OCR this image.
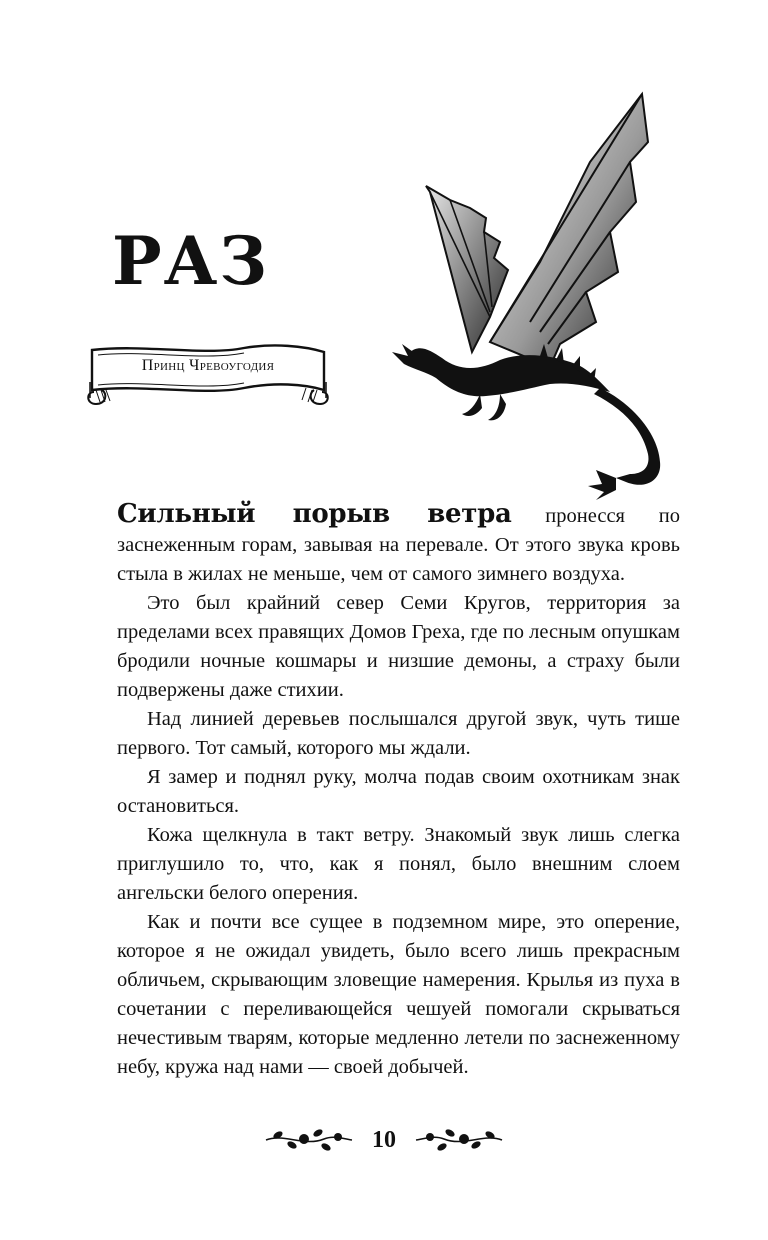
РАЗ
Принц Чревоугодия

Сильный порыв ветра пронесся по заснеженным горам, завывая на перевале. От этого звука кровь стыла в жилах не меньше, чем от самого зимнего воздуха.

Это был крайний север Семи Кругов, территория за пределами всех правящих Домов Греха, где по лесным опушкам бродили ночные кошмары и низшие демоны, а страху были подвержены даже стихии.

Над линией деревьев послышался другой звук, чуть тише первого. Тот самый, которого мы ждали.

Я замер и поднял руку, молча подав своим охотникам знак остановиться.

Кожа щелкнула в такт ветру. Знакомый звук лишь слегка приглушило то, что, как я понял, было внешним слоем ангельски белого оперения.

Как и почти все сущее в подземном мире, это оперение, которое я не ожидал увидеть, было всего лишь прекрасным обличьем, скрывающим зловещие намерения. Крылья из пуха в сочетании с переливающейся чешуей помогали скрываться нечестивым тварям, которые медленно летели по заснеженному небу, кружа над нами — своей добычей.

10
